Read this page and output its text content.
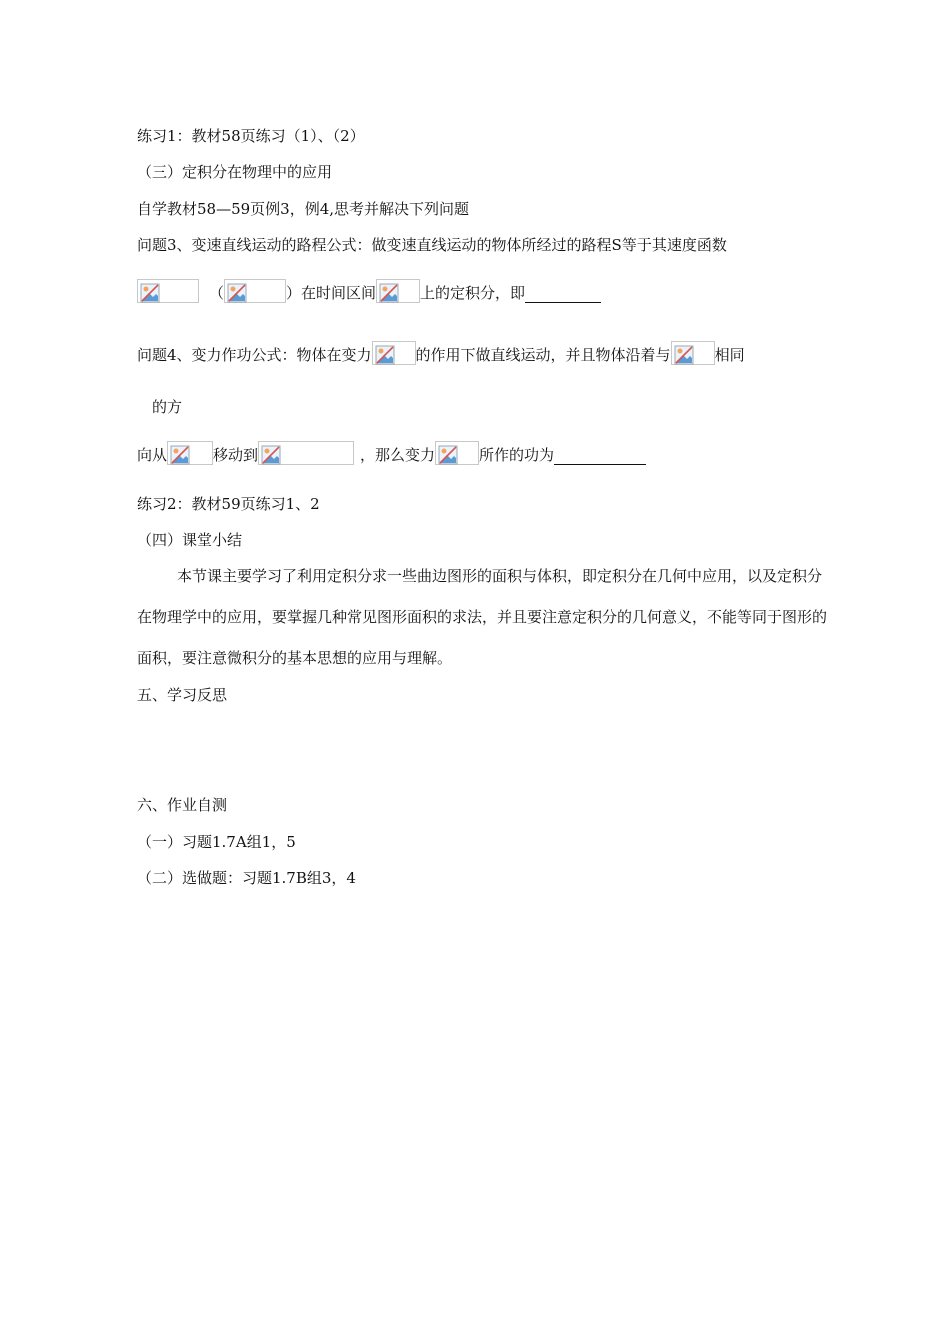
练习1：教材58页练习（1）、（2）
（三）定积分在物理中的应用
自学教材58—59页例3，例4,思考并解决下列问题
问题3、变速直线运动的路程公式：做变速直线运动的物体所经过的路程S等于其速度函数
（	）在时间区间	上的定积分，即
问题4、变力作功公式：物体在变力	的作用下做直线运动，并且物体沿着与	相同
的方
向从	移动到	，那么变力	所作的功为
练习2：教材59页练习1、2
（四）课堂小结
本节课主要学习了利用定积分求一些曲边图形的面积与体积，即定积分在几何中应用，以及定积分在物理学中的应用，要掌握几种常见图形面积的求法，并且要注意定积分的几何意义，不能等同于图形的面积，要注意微积分的基本思想的应用与理解。
五、学习反思
六、作业自测
（一）习题1.7A组1，5
（二）选做题：习题1.7B组3，4
